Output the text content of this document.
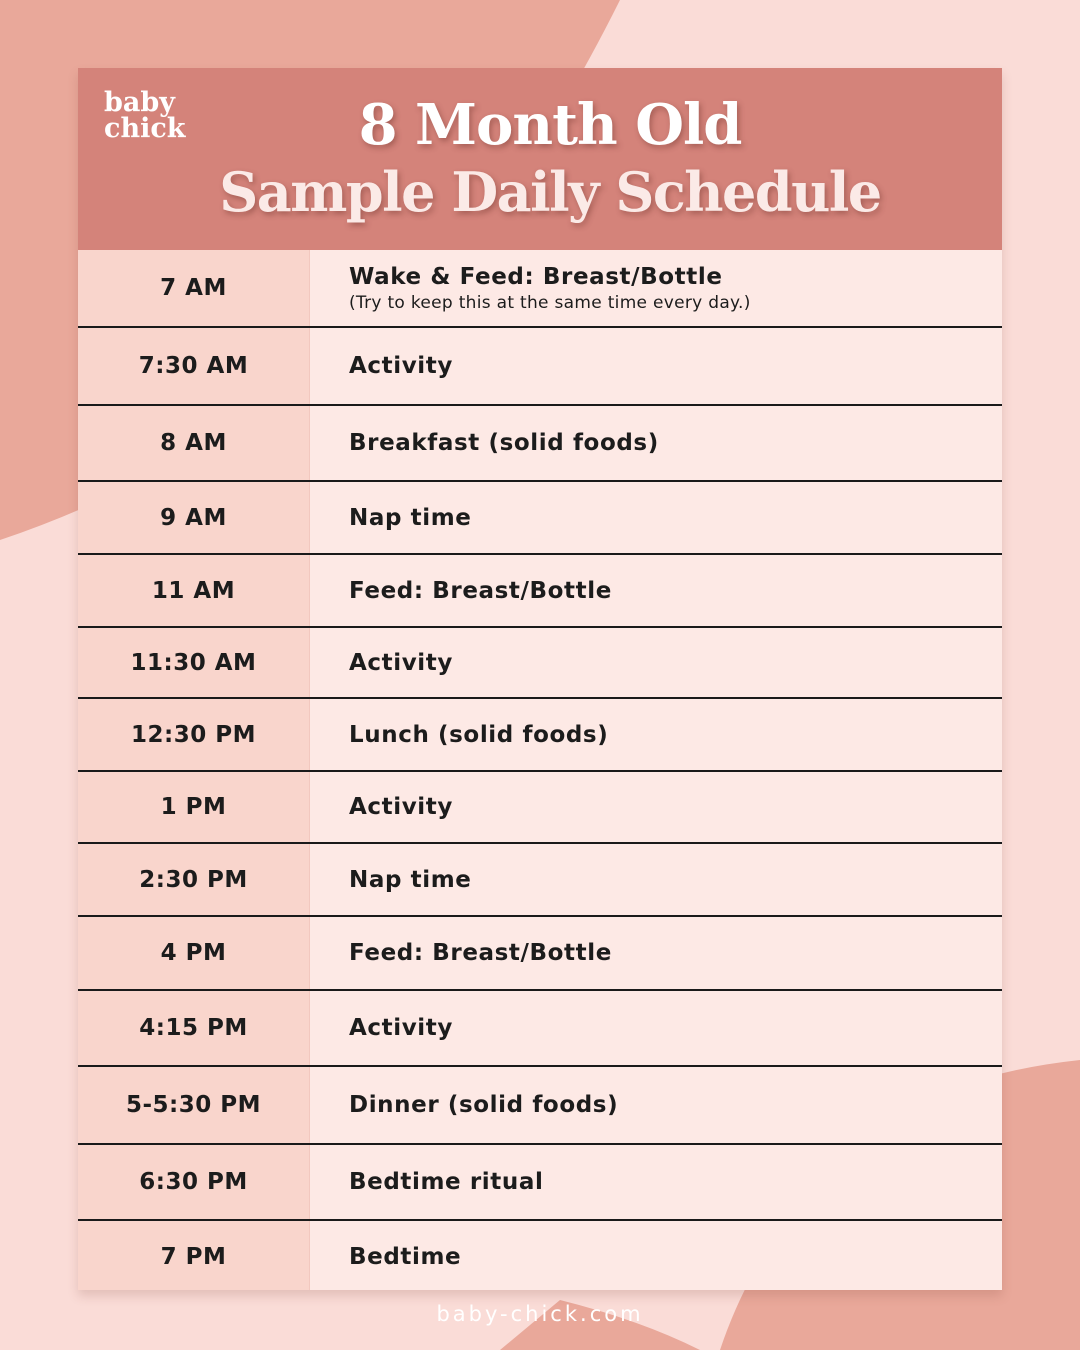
baby
chick	8 Month Old
Sample Daily Schedule
7 AM	Wake & Feed: Breast/Bottle
(Try to keep this at the same time every day.)
7:30 AM	Activity
8 AM	Breakfast (solid foods)
9 AM	Nap time
11 AM	Feed: Breast/Bottle
11:30 AM	Activity
12:30 PM	Lunch (solid foods)
1 PM	Activity
2:30 PM	Nap time
4 PM	Feed: Breast/Bottle
4:15 PM	Activity
5-5:30 PM	Dinner (solid foods)
6:30 PM	Bedtime ritual
7 PM	Bedtime
baby-chick.com
